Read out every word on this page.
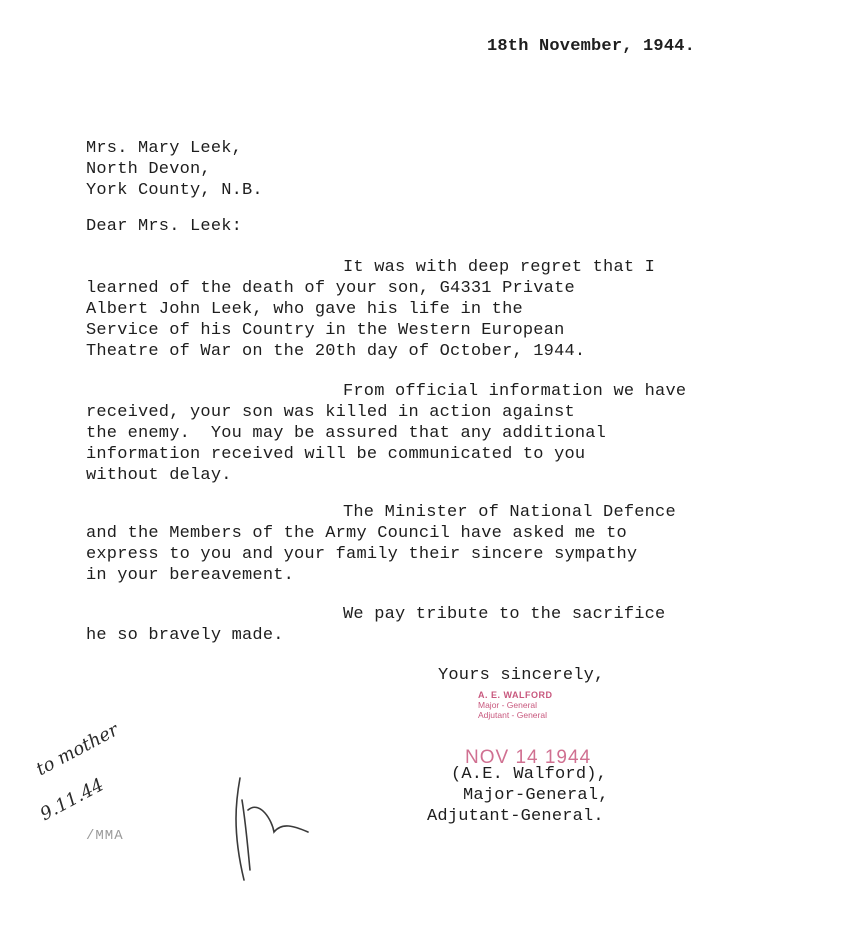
18th November, 1944.
Mrs. Mary Leek,
North Devon,
York County, N.B.
Dear Mrs. Leek:
It was with deep regret that I
learned of the death of your son, G4331 Private
Albert John Leek, who gave his life in the
Service of his Country in the Western European
Theatre of War on the 20th day of October, 1944.
From official information we have
received, your son was killed in action against
the enemy.  You may be assured that any additional
information received will be communicated to you
without delay.
The Minister of National Defence
and the Members of the Army Council have asked me to
express to you and your family their sincere sympathy
in your bereavement.
We pay tribute to the sacrifice
he so bravely made.
Yours sincerely,
A. E. WALFORD
Major - General
Adjutant - General
NOV 14 1944
(A.E. Walford),
Major-General,
Adjutant-General.

to mother

9.11.44

/MMA
